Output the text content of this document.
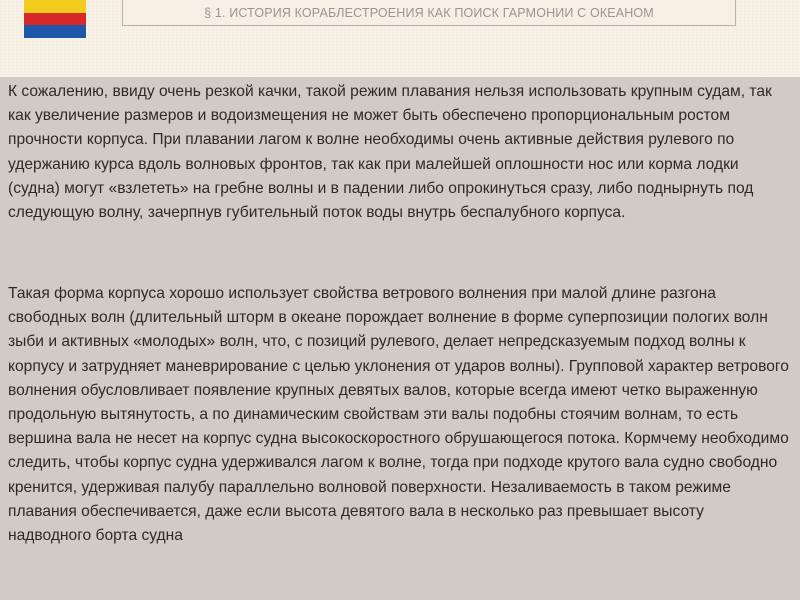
§ 1. ИСТОРИЯ КОРАБЛЕСТРОЕНИЯ КАК ПОИСК ГАРМОНИИ С ОКЕАНОМ

К сожалению, ввиду очень резкой качки, такой режим плавания нельзя использовать крупным судам, так как увеличение размеров и водоизмещения не может быть обеспечено пропорциональным ростом прочности корпуса. При плавании лагом к волне необходимы очень активные действия рулевого по удержанию курса вдоль волновых фронтов, так как при малейшей оплошности нос или корма лодки (судна) могут «взлететь» на гребне волны и в падении либо опрокинуться сразу, либо поднырнуть под следующую волну, зачерпнув губительный поток воды внутрь беспалубного корпуса.

Такая форма корпуса хорошо использует свойства ветрового волнения при малой длине разгона свободных волн (длительный шторм в океане порождает волнение в форме суперпозиции пологих волн зыби и активных «молодых» волн, что, с позиций рулевого, делает непредсказуемым подход волны к корпусу и затрудняет маневрирование с целью уклонения от ударов волны). Групповой характер ветрового волнения обусловливает появление крупных девятых валов, которые всегда имеют четко выраженную продольную вытянутость, а по динамическим свойствам эти валы подобны стоячим волнам, то есть вершина вала не несет на корпус судна высокоскоростного обрушающегося потока. Кормчему необходимо следить, чтобы корпус судна удерживался лагом к волне, тогда при подходе крутого вала судно свободно кренится, удерживая палубу параллельно волновой поверхности. Незаливаемость в таком режиме плавания обеспечивается, даже если высота девятого вала в несколько раз превышает высоту надводного борта судна
